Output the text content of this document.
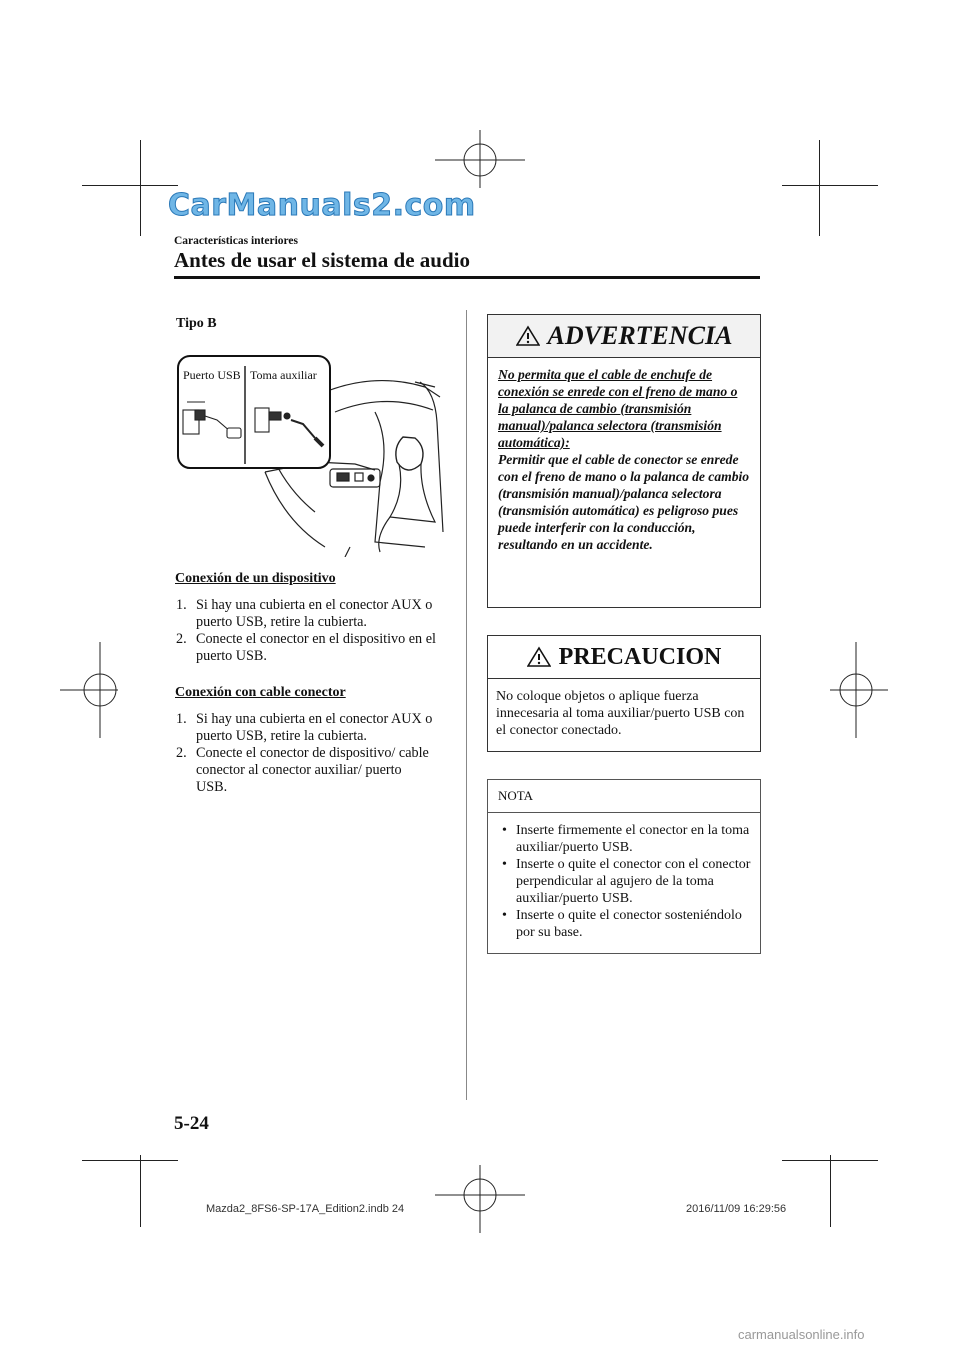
CarManuals2.com
Características interiores
Antes de usar el sistema de audio
Tipo B
Puerto USB Toma auxiliar
Conexión de un dispositivo
1. Si hay una cubierta en el conector AUX o puerto USB, retire la cubierta.
2. Conecte el conector en el dispositivo en el puerto USB.
Conexión con cable conector
1. Si hay una cubierta en el conector AUX o puerto USB, retire la cubierta.
2. Conecte el conector de dispositivo/ cable conector al conector auxiliar/ puerto USB.
ADVERTENCIA
No permita que el cable de enchufe de conexión se enrede con el freno de mano o la palanca de cambio (transmisión manual)/palanca selectora (transmisión automática):
Permitir que el cable de conector se enrede con el freno de mano o la palanca de cambio (transmisión manual)/palanca selectora (transmisión automática) es peligroso pues puede interferir con la conducción, resultando en un accidente.
PRECAUCION
No coloque objetos o aplique fuerza innecesaria al toma auxiliar/puerto USB con el conector conectado.
NOTA
• Inserte firmemente el conector en la toma auxiliar/puerto USB.
• Inserte o quite el conector con el conector perpendicular al agujero de la toma auxiliar/puerto USB.
• Inserte o quite el conector sosteniéndolo por su base.
5-24
Mazda2_8FS6-SP-17A_Edition2.indb 24	2016/11/09 16:29:56
carmanualsonline.info
